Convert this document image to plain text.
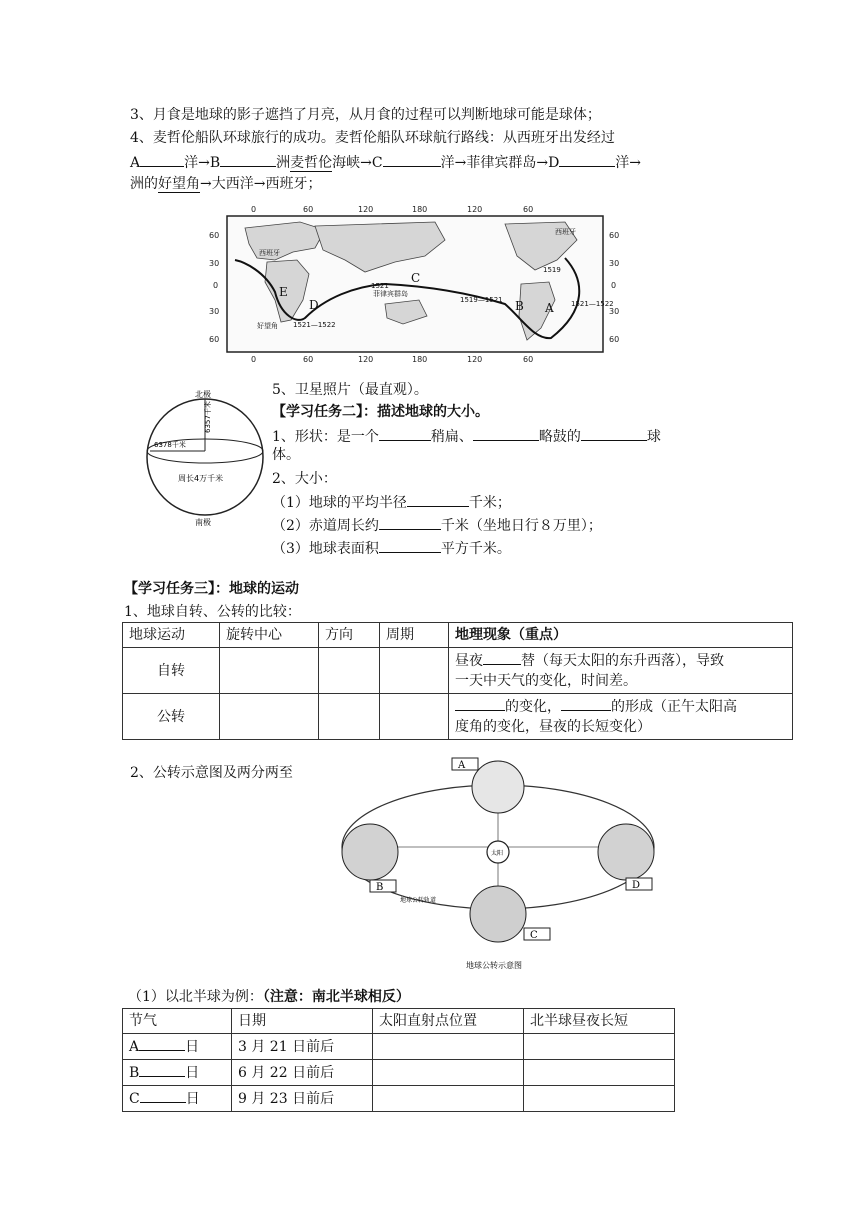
3、月食是地球的影子遮挡了月亮，从月食的过程可以判断地球可能是球体；
4、麦哲伦船队环球旅行的成功。麦哲伦船队环球航行路线：从西班牙出发经过
A	洋→B	洲麦哲伦海峡→C	洋→菲律宾群岛→D	洋→
洲的好望角→大西洋→西班牙；
0	60	120	180	120	60
0	60	120	180	120	60
60
30
0
30
60
60
30
0
30
60
西班牙
西班牙
1521
菲律宾群岛
1519—1521
1519
1521—1522
1521—1522
好望角
C
D
E
B A
5、卫星照片（最直观）。
北极
6357千米
6378千米
周长4万千米
南极
【学习任务二】：描述地球的大小。
1、形状：是一个	稍扁、	略鼓的	球
体。
2、大小：
（1）地球的平均半径	千米；
（2）赤道周长约	千米（坐地日行８万里）；
（3）地球表面积	平方千米。
【学习任务三】：地球的运动
1、地球自转、公转的比较：
地球运动	旋转中心	方向	周期	地理现象（重点）
自转				昼夜 替（每天太阳的东升西落），导致
一天中天气的变化，时间差。
公转				的变化， 的形成（正午太阳高
度角的变化，昼夜的长短变化）
2、公转示意图及两分两至
太阳
A
B	D
C
地球公转轨道
地球公转示意图
（1）以北半球为例：（注意：南北半球相反）
节气	日期	太阳直射点位置	北半球昼夜长短
A 日	3 月 21 日前后		
B 日	6 月 22 日前后		
C 日	9 月 23 日前后		
